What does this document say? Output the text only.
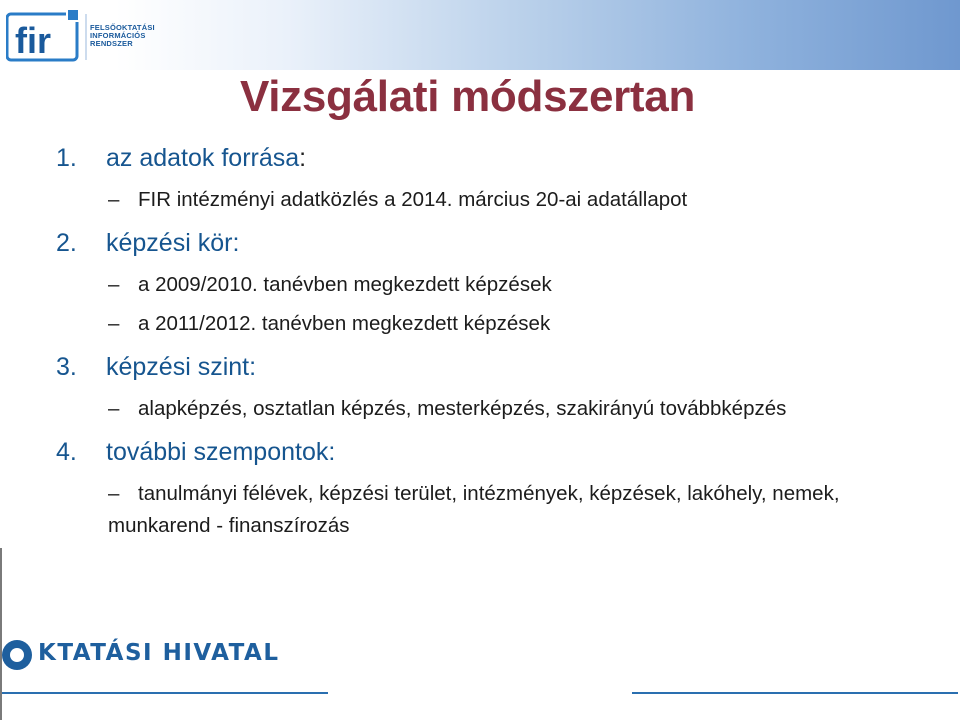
fir	FELSŐOKTATÁSI
INFORMÁCIÓS
RENDSZER
Vizsgálati módszertan
1. az adatok forrása:
– FIR intézményi adatközlés a 2014. március 20-ai adatállapot
2. képzési kör:
– a 2009/2010. tanévben megkezdett képzések
– a 2011/2012. tanévben megkezdett képzések
3. képzési szint:
– alapképzés, osztatlan képzés, mesterképzés, szakirányú továbbképzés
4. további szempontok:
– tanulmányi félévek, képzési terület, intézmények, képzések, lakóhely, nemek, munkarend - finanszírozás
KTATÁSI HIVATAL
